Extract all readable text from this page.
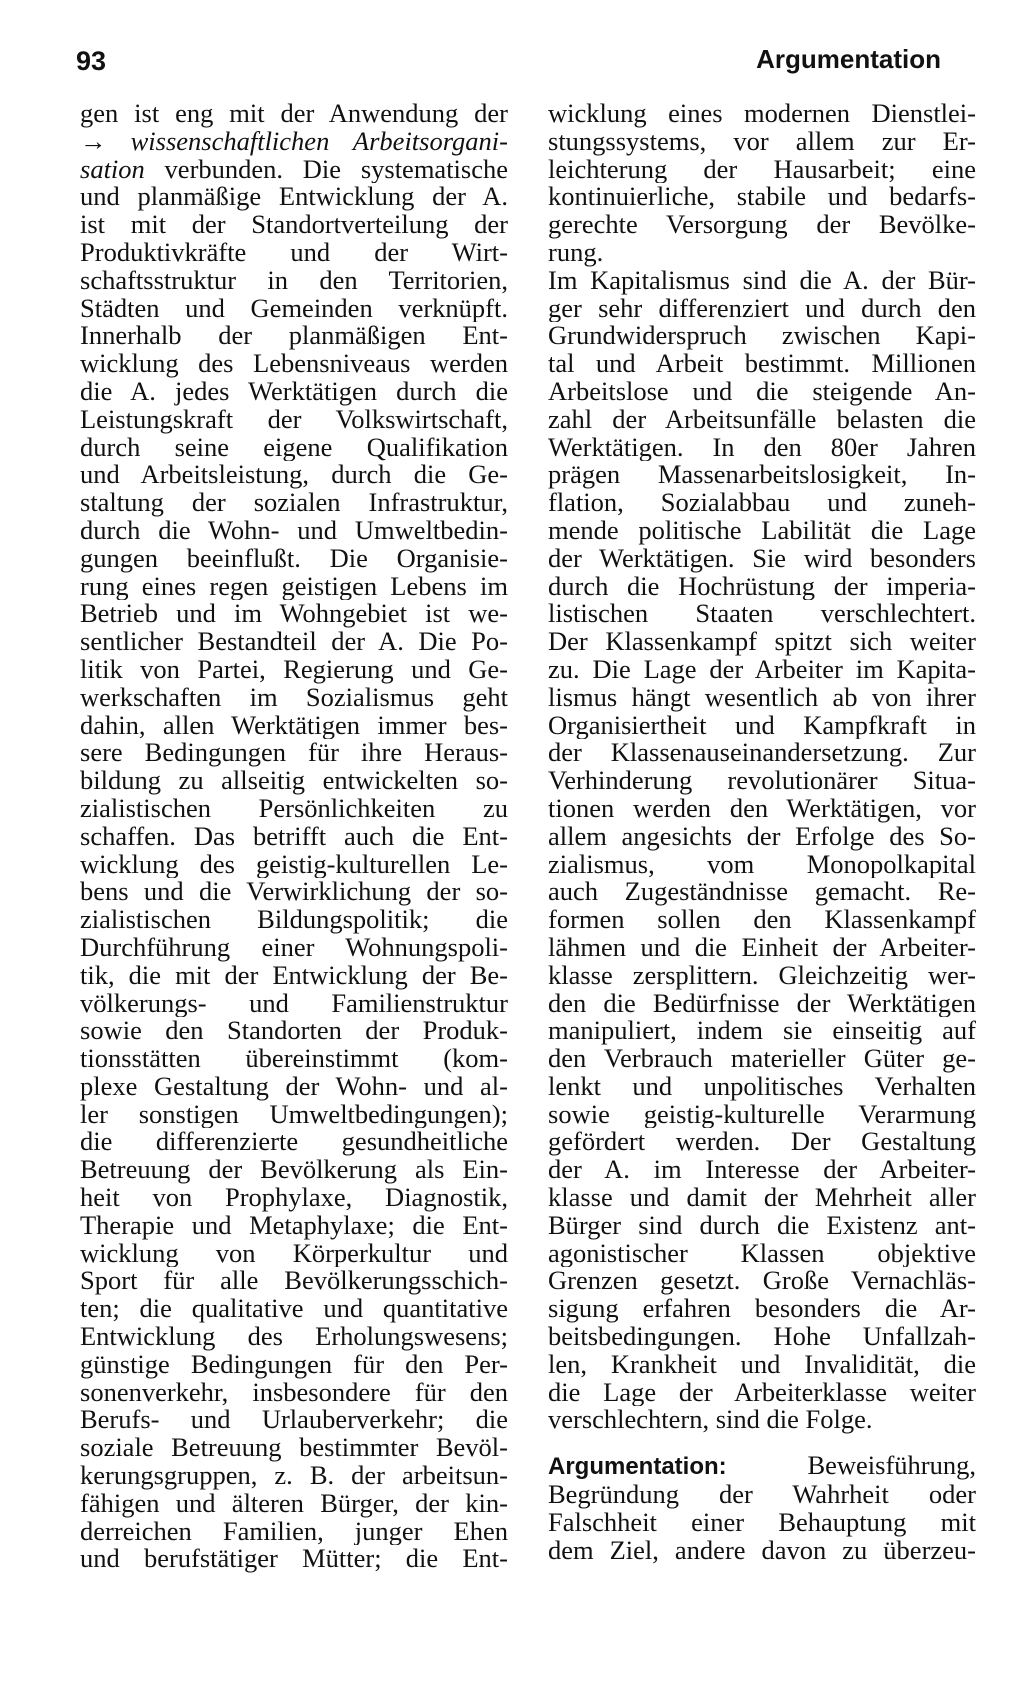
93	Argumentation
gen ist eng mit der Anwendung der
→ wissenschaftlichen Arbeitsorgani-
sation verbunden. Die systematische
und planmäßige Entwicklung der A.
ist mit der Standortverteilung der
Produktivkräfte und der Wirt-
schaftsstruktur in den Territorien,
Städten und Gemeinden verknüpft.
Innerhalb der planmäßigen Ent-
wicklung des Lebensniveaus werden
die A. jedes Werktätigen durch die
Leistungskraft der Volkswirtschaft,
durch seine eigene Qualifikation
und Arbeitsleistung, durch die Ge-
staltung der sozialen Infrastruktur,
durch die Wohn- und Umweltbedin-
gungen beeinflußt. Die Organisie-
rung eines regen geistigen Lebens im
Betrieb und im Wohngebiet ist we-
sentlicher Bestandteil der A. Die Po-
litik von Partei, Regierung und Ge-
werkschaften im Sozialismus geht
dahin, allen Werktätigen immer bes-
sere Bedingungen für ihre Heraus-
bildung zu allseitig entwickelten so-
zialistischen Persönlichkeiten zu
schaffen. Das betrifft auch die Ent-
wicklung des geistig-kulturellen Le-
bens und die Verwirklichung der so-
zialistischen Bildungspolitik; die
Durchführung einer Wohnungspoli-
tik, die mit der Entwicklung der Be-
völkerungs- und Familienstruktur
sowie den Standorten der Produk-
tionsstätten übereinstimmt (kom-
plexe Gestaltung der Wohn- und al-
ler sonstigen Umweltbedingungen);
die differenzierte gesundheitliche
Betreuung der Bevölkerung als Ein-
heit von Prophylaxe, Diagnostik,
Therapie und Metaphylaxe; die Ent-
wicklung von Körperkultur und
Sport für alle Bevölkerungsschich-
ten; die qualitative und quantitative
Entwicklung des Erholungswesens;
günstige Bedingungen für den Per-
sonenverkehr, insbesondere für den
Berufs- und Urlauberverkehr; die
soziale Betreuung bestimmter Bevöl-
kerungsgruppen, z. B. der arbeitsun-
fähigen und älteren Bürger, der kin-
derreichen Familien, junger Ehen
und berufstätiger Mütter; die Ent-
wicklung eines modernen Dienstlei-
stungssystems, vor allem zur Er-
leichterung der Hausarbeit; eine
kontinuierliche, stabile und bedarfs-
gerechte Versorgung der Bevölke-
rung.
Im Kapitalismus sind die A. der Bür-
ger sehr differenziert und durch den
Grundwiderspruch zwischen Kapi-
tal und Arbeit bestimmt. Millionen
Arbeitslose und die steigende An-
zahl der Arbeitsunfälle belasten die
Werktätigen. In den 80er Jahren
prägen Massenarbeitslosigkeit, In-
flation, Sozialabbau und zuneh-
mende politische Labilität die Lage
der Werktätigen. Sie wird besonders
durch die Hochrüstung der imperia-
listischen Staaten verschlechtert.
Der Klassenkampf spitzt sich weiter
zu. Die Lage der Arbeiter im Kapita-
lismus hängt wesentlich ab von ihrer
Organisiertheit und Kampfkraft in
der Klassenauseinandersetzung. Zur
Verhinderung revolutionärer Situa-
tionen werden den Werktätigen, vor
allem angesichts der Erfolge des So-
zialismus, vom Monopolkapital
auch Zugeständnisse gemacht. Re-
formen sollen den Klassenkampf
lähmen und die Einheit der Arbeiter-
klasse zersplittern. Gleichzeitig wer-
den die Bedürfnisse der Werktätigen
manipuliert, indem sie einseitig auf
den Verbrauch materieller Güter ge-
lenkt und unpolitisches Verhalten
sowie geistig-kulturelle Verarmung
gefördert werden. Der Gestaltung
der A. im Interesse der Arbeiter-
klasse und damit der Mehrheit aller
Bürger sind durch die Existenz ant-
agonistischer Klassen objektive
Grenzen gesetzt. Große Vernachläs-
sigung erfahren besonders die Ar-
beitsbedingungen. Hohe Unfallzah-
len, Krankheit und Invalidität, die
die Lage der Arbeiterklasse weiter
verschlechtern, sind die Folge.
Argumentation: Beweisführung,
Begründung der Wahrheit oder
Falschheit einer Behauptung mit
dem Ziel, andere davon zu überzeu-
